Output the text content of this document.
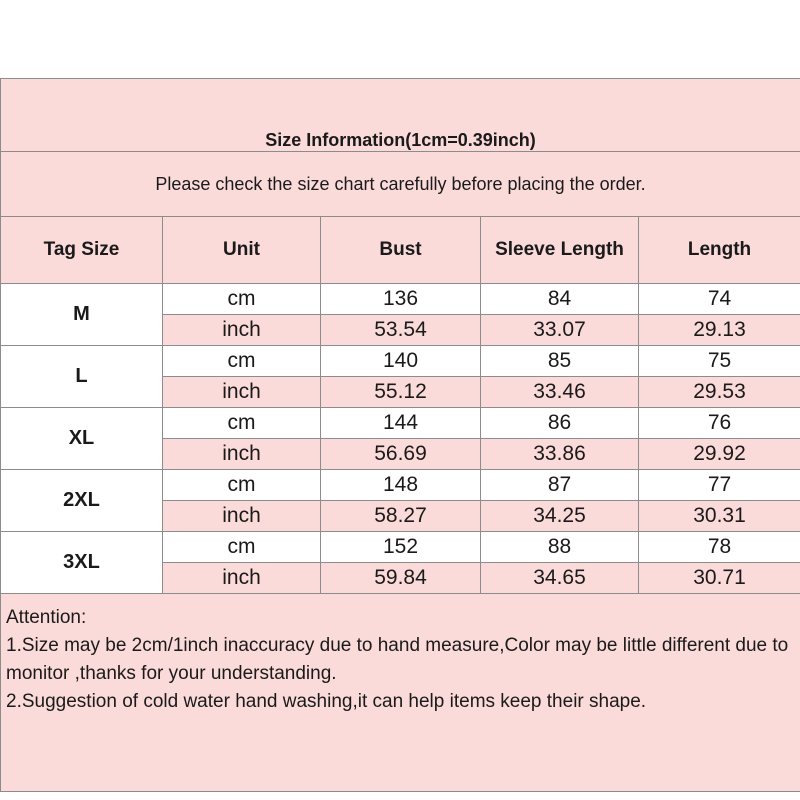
Size Information(1cm=0.39inch)				
Please check the size chart carefully before placing the order.				
Tag Size	Unit	Bust	Sleeve Length	Length
M	cm	136	84	74
	inch	53.54	33.07	29.13
L	cm	140	85	75
	inch	55.12	33.46	29.53
XL	cm	144	86	76
	inch	56.69	33.86	29.92
2XL	cm	148	87	77
	inch	58.27	34.25	30.31
3XL	cm	152	88	78
	inch	59.84	34.65	30.71

Attention:
1.Size may be 2cm/1inch inaccuracy due to hand measure,Color may be little different due to monitor ,thanks for your understanding.
2.Suggestion of cold water hand washing,it can help items keep their shape.				
